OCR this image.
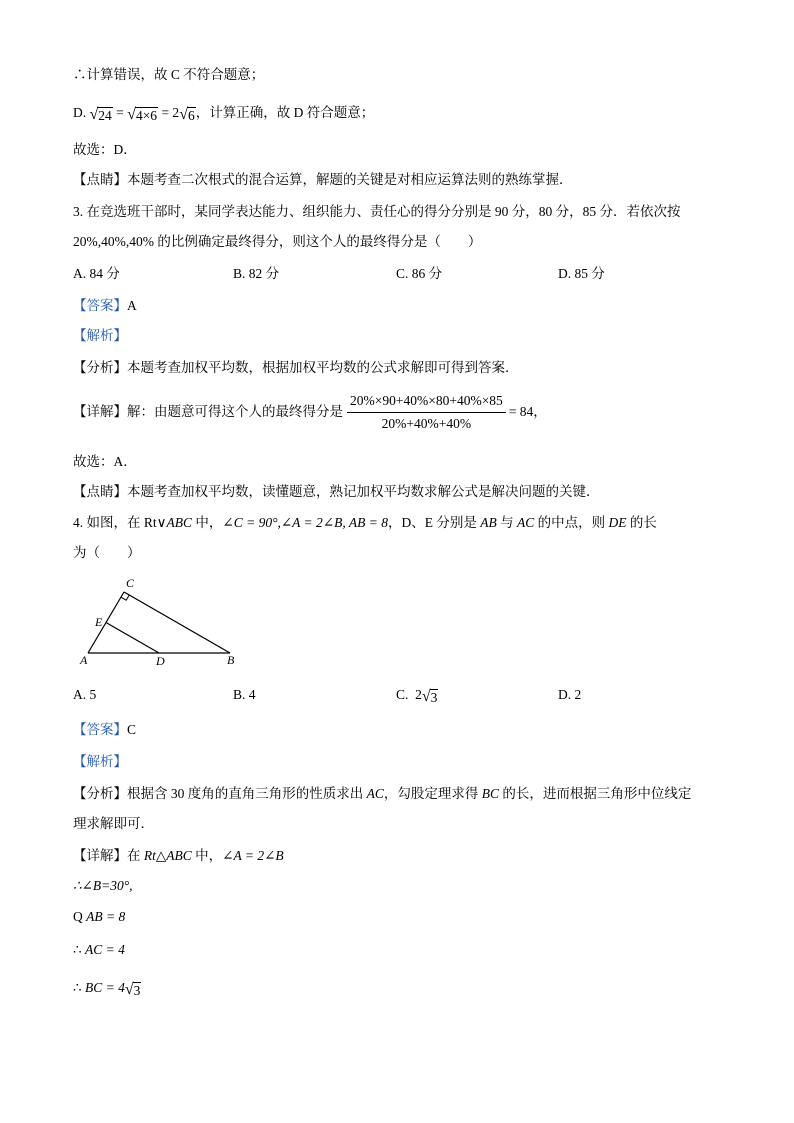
∴计算错误，故 C 不符合题意；
D. √ 24 = √ 4×6 = 2 √ 6 ，计算正确，故 D 符合题意；
故选：D．
【点睛】本题考查二次根式的混合运算，解题的关键是对相应运算法则的熟练掌握．
3. 在竞选班干部时，某同学表达能力、组织能力、责任心的得分分别是 90 分，80 分，85 分．若依次按
20%,40%,40% 的比例确定最终得分，则这个人的最终得分是（　　）
A. 84 分	B. 82 分	C. 86 分	D. 85 分
【答案】A
【解析】
【分析】本题考查加权平均数，根据加权平均数的公式求解即可得到答案．
【详解】 解：由题意可得这个人的最终得分是 $\frac{20\%\times 90+40\%\times 80+40\%\times 85}{20\%+40\%+40\%} = 84$，
故选：A．
【点睛】本题考查加权平均数，读懂题意，熟记加权平均数求解公式是解决问题的关键．
4. 如图，在 Rt∨ABC 中，∠C = 90°,∠A = 2∠B, AB = 8，D、E 分别是 AB 与 AC 的中点，则 DE 的长
为（　　）
C
E
A	D	B
A. 5	B. 4	C.  2 √ 3	D. 2
【答案】C
【解析】
【分析】根据含 30 度角的直角三角形的性质求出 AC，勾股定理求得 BC 的长，进而根据三角形中位线定
理求解即可．
【详解】在 Rt△ABC 中，∠A = 2∠B
∴∠B=30°,
Q AB = 8
∴ AC = 4
∴ BC = 4 √ 3
